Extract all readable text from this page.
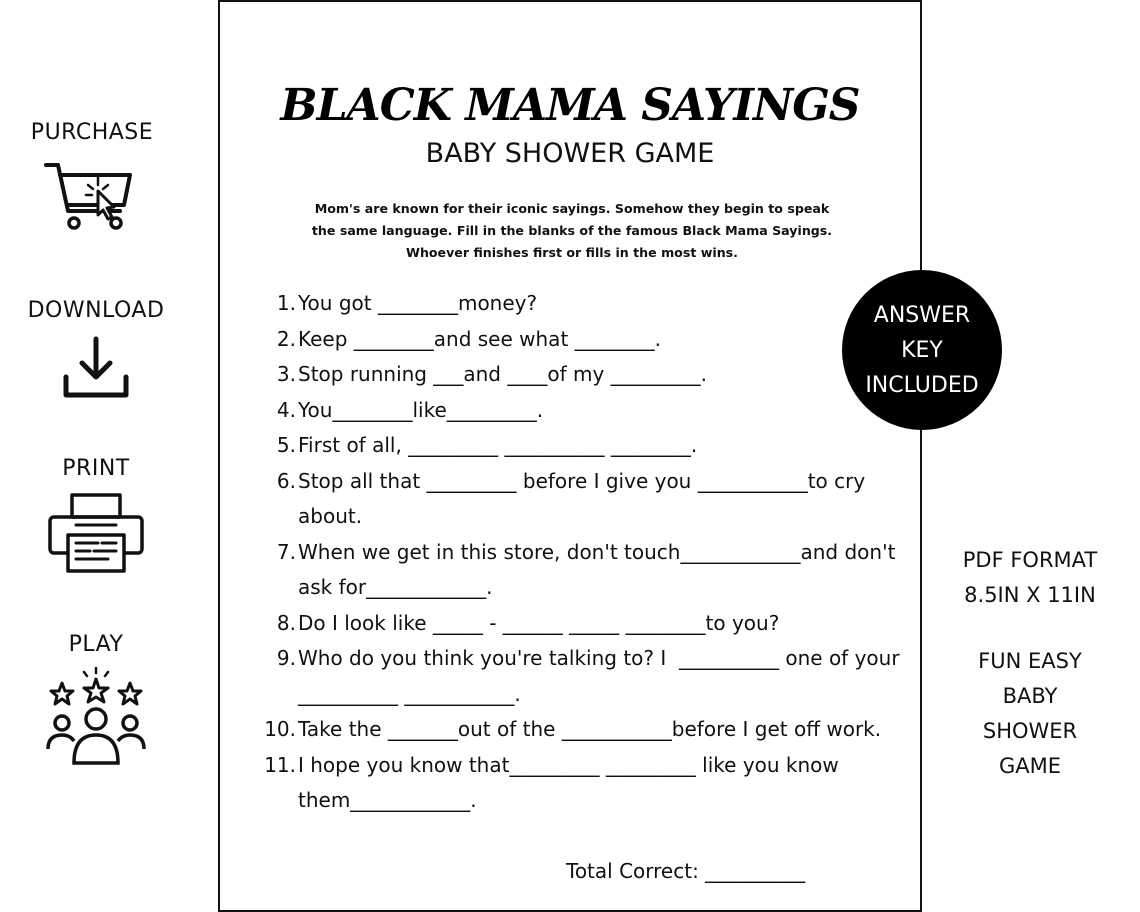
PURCHASE
DOWNLOAD
PRINT
PLAY
BLACK MAMA SAYINGS
BABY SHOWER GAME
Mom's are known for their iconic sayings. Somehow they begin to speak
the same language. Fill in the blanks of the famous Black Mama Sayings.
Whoever finishes first or fills in the most wins.
1. You got ________money?
2. Keep ________and see what ________.
3. Stop running ___and ____of my _________.
4. You________like_________.
5. First of all, _________ __________ ________.
6. Stop all that _________ before I give you ___________to cry about.
7. When we get in this store, don't touch____________and don't ask for____________.
8. Do I look like _____ - ______ _____ ________to you?
9. Who do you think you're talking to? I  __________ one of your __________ ___________.
10. Take the _______out of the ___________before I get off work.
11. I hope you know that_________ _________ like you know them____________.
Total Correct: __________
ANSWER
KEY
INCLUDED
PDF FORMAT
8.5IN X 11IN
FUN EASY
BABY
SHOWER
GAME
